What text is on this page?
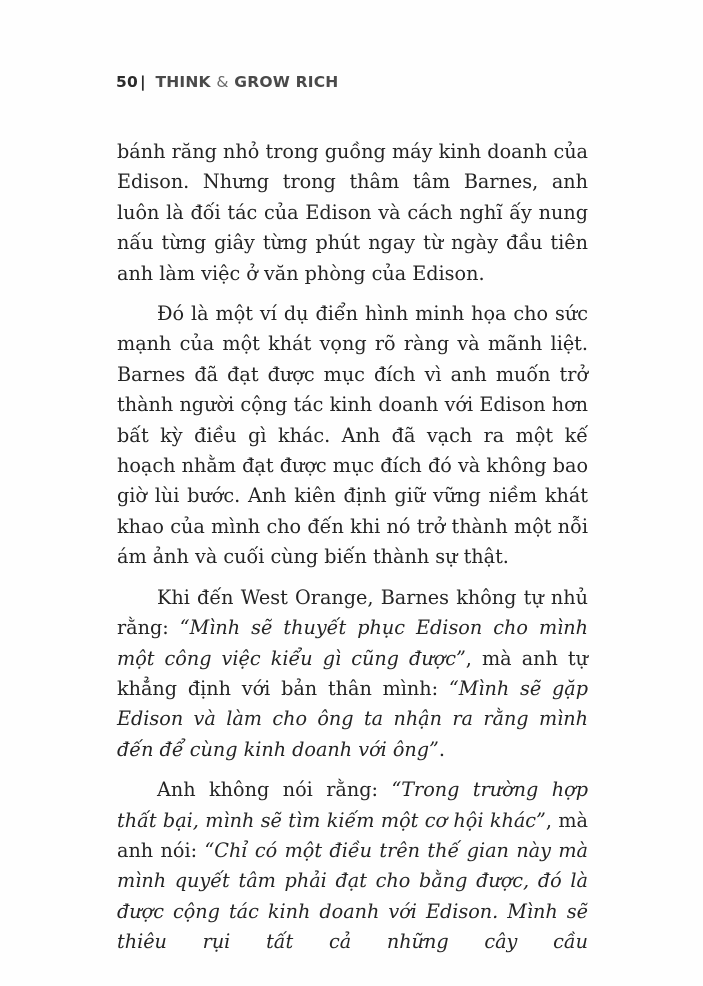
50 | THINK & GROW RICH

bánh răng nhỏ trong guồng máy kinh doanh của Edison. Nhưng trong thâm tâm Barnes, anh luôn là đối tác của Edison và cách nghĩ ấy nung nấu từng giây từng phút ngay từ ngày đầu tiên anh làm việc ở văn phòng của Edison.

Đó là một ví dụ điển hình minh họa cho sức mạnh của một khát vọng rõ ràng và mãnh liệt. Barnes đã đạt được mục đích vì anh muốn trở thành người cộng tác kinh doanh với Edison hơn bất kỳ điều gì khác. Anh đã vạch ra một kế hoạch nhằm đạt được mục đích đó và không bao giờ lùi bước. Anh kiên định giữ vững niềm khát khao của mình cho đến khi nó trở thành một nỗi ám ảnh và cuối cùng biến thành sự thật.

Khi đến West Orange, Barnes không tự nhủ rằng: “Mình sẽ thuyết phục Edison cho mình một công việc kiểu gì cũng được”, mà anh tự khẳng định với bản thân mình: “Mình sẽ gặp Edison và làm cho ông ta nhận ra rằng mình đến để cùng kinh doanh với ông”.

Anh không nói rằng: “Trong trường hợp thất bại, mình sẽ tìm kiếm một cơ hội khác”, mà anh nói: “Chỉ có một điều trên thế gian này mà mình quyết tâm phải đạt cho bằng được, đó là được cộng tác kinh doanh với Edison. Mình sẽ thiêu rụi tất cả những cây cầu
